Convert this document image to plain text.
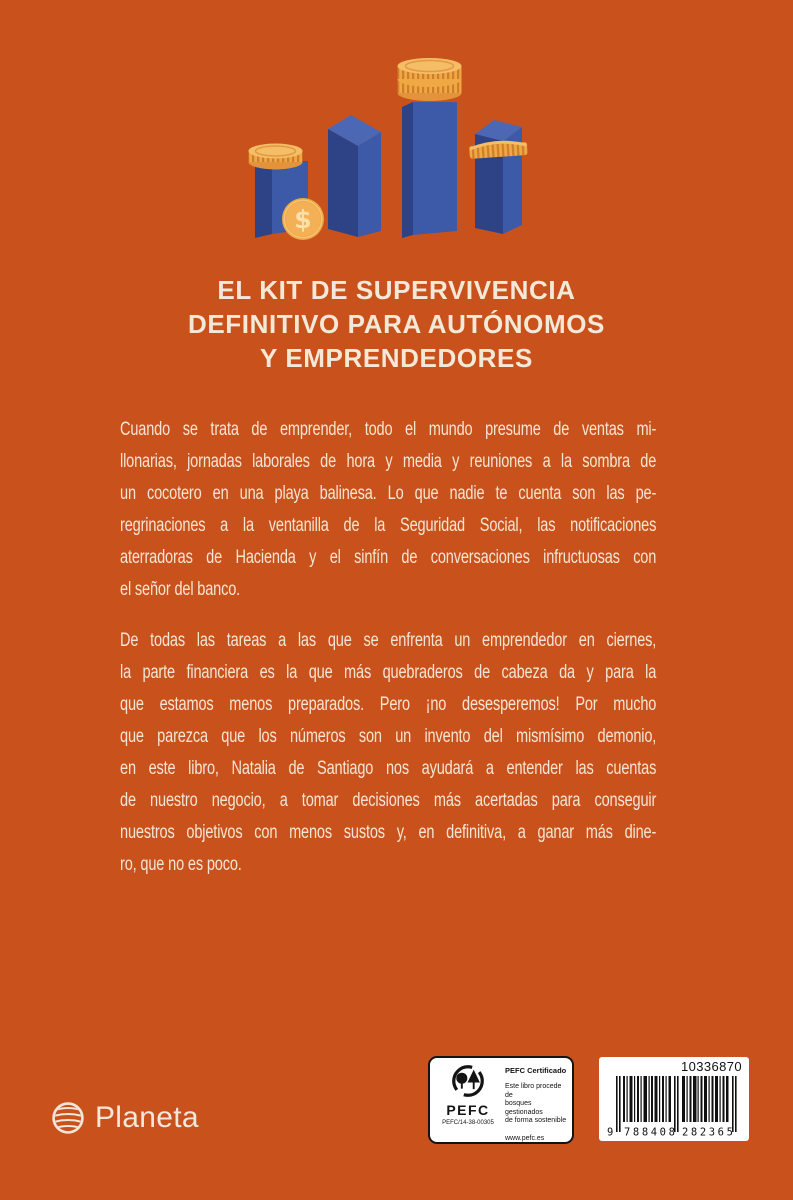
$
EL KIT DE SUPERVIVENCIA
DEFINITIVO PARA AUTÓNOMOS
Y EMPRENDEDORES
Cuando se trata de emprender, todo el mundo presume de ventas mi-
llonarias, jornadas laborales de hora y media y reuniones a la sombra de
un cocotero en una playa balinesa. Lo que nadie te cuenta son las pe-
regrinaciones a la ventanilla de la Seguridad Social, las notificaciones
aterradoras de Hacienda y el sinfín de conversaciones infructuosas con
el señor del banco.
De todas las tareas a las que se enfrenta un emprendedor en ciernes,
la parte financiera es la que más quebraderos de cabeza da y para la
que estamos menos preparados. Pero ¡no desesperemos! Por mucho
que parezca que los números son un invento del mismísimo demonio,
en este libro, Natalia de Santiago nos ayudará a entender las cuentas
de nuestro negocio, a tomar decisiones más acertadas para conseguir
nuestros objetivos con menos sustos y, en definitiva, a ganar más dine-
ro, que no es poco.
Planeta	PEFC
PEFC/14-38-00305
PEFC Certificado
Este libro procede de
bosques gestionados
de forma sostenible
www.pefc.es
10336870
9 788408 282365
